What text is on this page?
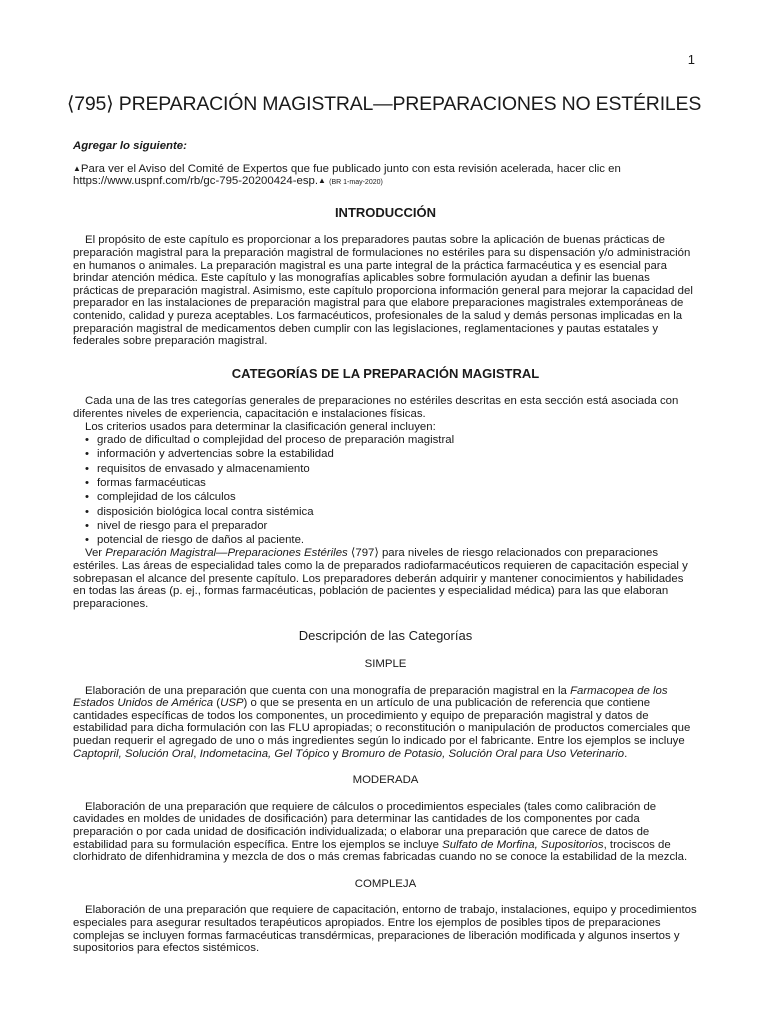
1
⟨795⟩ PREPARACIÓN MAGISTRAL—PREPARACIONES NO ESTÉRILES

Agregar lo siguiente:

▲Para ver el Aviso del Comité de Expertos que fue publicado junto con esta revisión acelerada, hacer clic en https://www.uspnf.com/rb/gc-795-20200424-esp.▲ (BR 1-may-2020)

INTRODUCCIÓN

El propósito de este capítulo es proporcionar a los preparadores pautas sobre la aplicación de buenas prácticas de preparación magistral para la preparación magistral de formulaciones no estériles para su dispensación y/o administración en humanos o animales. La preparación magistral es una parte integral de la práctica farmacéutica y es esencial para brindar atención médica. Este capítulo y las monografías aplicables sobre formulación ayudan a definir las buenas prácticas de preparación magistral. Asimismo, este capítulo proporciona información general para mejorar la capacidad del preparador en las instalaciones de preparación magistral para que elabore preparaciones magistrales extemporáneas de contenido, calidad y pureza aceptables. Los farmacéuticos, profesionales de la salud y demás personas implicadas en la preparación magistral de medicamentos deben cumplir con las legislaciones, reglamentaciones y pautas estatales y federales sobre preparación magistral.

CATEGORÍAS DE LA PREPARACIÓN MAGISTRAL

Cada una de las tres categorías generales de preparaciones no estériles descritas en esta sección está asociada con diferentes niveles de experiencia, capacitación e instalaciones físicas.

Los criterios usados para determinar la clasificación general incluyen:

• grado de dificultad o complejidad del proceso de preparación magistral
• información y advertencias sobre la estabilidad
• requisitos de envasado y almacenamiento
• formas farmacéuticas
• complejidad de los cálculos
• disposición biológica local contra sistémica
• nivel de riesgo para el preparador
• potencial de riesgo de daños al paciente.

Ver Preparación Magistral—Preparaciones Estériles ⟨797⟩ para niveles de riesgo relacionados con preparaciones estériles. Las áreas de especialidad tales como la de preparados radiofarmacéuticos requieren de capacitación especial y sobrepasan el alcance del presente capítulo. Los preparadores deberán adquirir y mantener conocimientos y habilidades en todas las áreas (p. ej., formas farmacéuticas, población de pacientes y especialidad médica) para las que elaboran preparaciones.

Descripción de las Categorías

SIMPLE

Elaboración de una preparación que cuenta con una monografía de preparación magistral en la Farmacopea de los Estados Unidos de América (USP) o que se presenta en un artículo de una publicación de referencia que contiene cantidades específicas de todos los componentes, un procedimiento y equipo de preparación magistral y datos de estabilidad para dicha formulación con las FLU apropiadas; o reconstitución o manipulación de productos comerciales que puedan requerir el agregado de uno o más ingredientes según lo indicado por el fabricante. Entre los ejemplos se incluye Captopril, Solución Oral, Indometacina, Gel Tópico y Bromuro de Potasio, Solución Oral para Uso Veterinario.

MODERADA

Elaboración de una preparación que requiere de cálculos o procedimientos especiales (tales como calibración de cavidades en moldes de unidades de dosificación) para determinar las cantidades de los componentes por cada preparación o por cada unidad de dosificación individualizada; o elaborar una preparación que carece de datos de estabilidad para su formulación específica. Entre los ejemplos se incluye Sulfato de Morfina, Supositorios, trociscos de clorhidrato de difenhidramina y mezcla de dos o más cremas fabricadas cuando no se conoce la estabilidad de la mezcla.

COMPLEJA

Elaboración de una preparación que requiere de capacitación, entorno de trabajo, instalaciones, equipo y procedimientos especiales para asegurar resultados terapéuticos apropiados. Entre los ejemplos de posibles tipos de preparaciones complejas se incluyen formas farmacéuticas transdérmicas, preparaciones de liberación modificada y algunos insertos y supositorios para efectos sistémicos.
